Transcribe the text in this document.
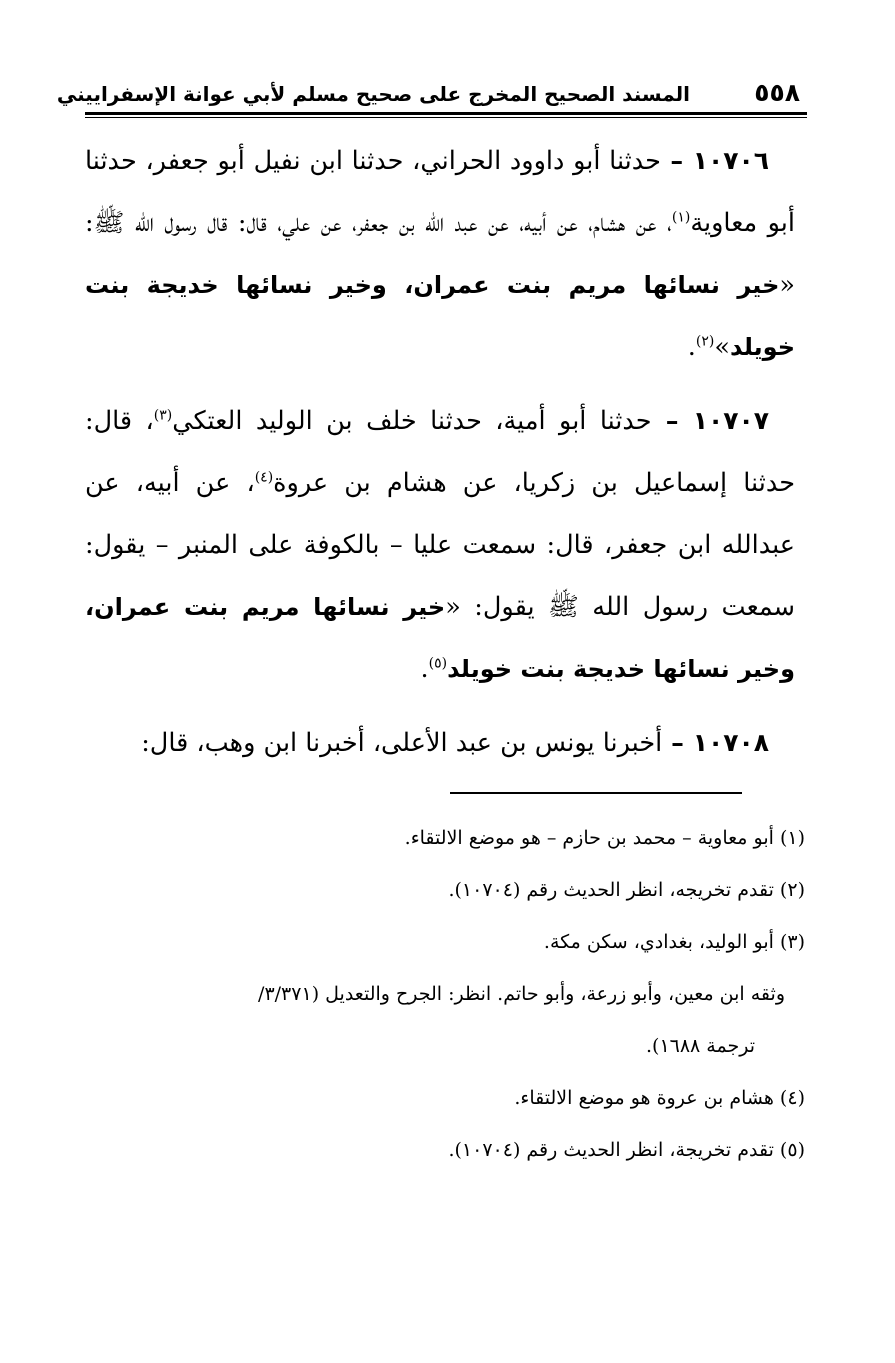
٥٥٨
المسند الصحيح المخرج على صحيح مسلم لأبي عوانة الإسفراييني

١٠٧٠٦ – حدثنا أبو داوود الحراني، حدثنا ابن نفيل أبو جعفر، حدثنا أبو معاوية$^{(١)}$، عن هشام، عن أبيه، عن عبد الله بن جعفر، عن علي، قال: قال رسول الله ﷺ: «خير نسائها مريم بنت عمران، وخير نسائها خديجة بنت خويلد»$^{(٢)}$.

١٠٧٠٧ – حدثنا أبو أمية، حدثنا خلف بن الوليد العتكي$^{(٣)}$، قال: حدثنا إسماعيل بن زكريا، عن هشام بن عروة$^{(٤)}$، عن أبيه، عن عبدالله ابن جعفر، قال: سمعت عليا – بالكوفة على المنبر – يقول: سمعت رسول الله ﷺ يقول: «خير نسائها مريم بنت عمران، وخير نسائها خديجة بنت خويلد$^{(٥)}$.

١٠٧٠٨ – أخبرنا يونس بن عبد الأعلى، أخبرنا ابن وهب، قال:

(١) أبو معاوية – محمد بن حازم – هو موضع الالتقاء.

(٢) تقدم تخريجه، انظر الحديث رقم (١٠٧٠٤).

(٣) أبو الوليد، بغدادي، سكن مكة.

وثقه ابن معين، وأبو زرعة، وأبو حاتم. انظر: الجرح والتعديل (٣/٣٧١/

ترجمة ١٦٨٨).

(٤) هشام بن عروة هو موضع الالتقاء.

(٥) تقدم تخريجة، انظر الحديث رقم (١٠٧٠٤).
